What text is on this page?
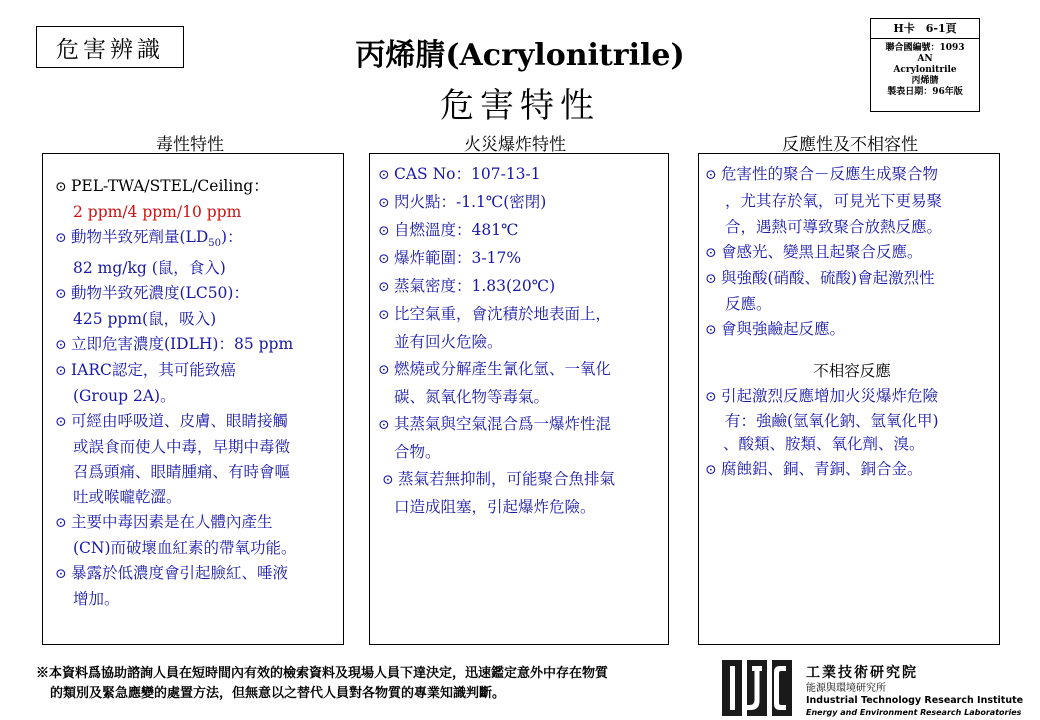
危害辨識	丙烯腈(Acrylonitrile)
危害特性
H卡　6-1頁
聯合國編號：1093
AN
Acrylonitrile
丙烯腈
製表日期：96年版
毒性特性	火災爆炸特性	反應性及不相容性
⊙ PEL-TWA/STEL/Ceiling：
2 ppm/4 ppm/10 ppm
⊙ 動物半致死劑量$(LD_{50})$：
82 mg/kg (鼠，食入)
⊙ 動物半致死濃度(LC50)：
425 ppm(鼠，吸入)
⊙ 立即危害濃度(IDLH)：85 ppm
⊙ IARC認定，其可能致癌
(Group 2A)。
⊙ 可經由呼吸道、皮膚、眼睛接觸
或誤食而使人中毒，早期中毒徵
召爲頭痛、眼睛腫痛、有時會嘔
吐或喉嚨乾澀。
⊙ 主要中毒因素是在人體內產生
(CN)而破壞血紅素的帶氧功能。
⊙ 暴露於低濃度會引起臉紅、唾液
增加。
⊙ CAS No：107-13-1
⊙ 閃火點：-1.1℃(密閉)
⊙ 自燃溫度：481℃
⊙ 爆炸範圍：3-17%
⊙ 蒸氣密度：1.83(20℃)
⊙ 比空氣重，會沈積於地表面上，
並有回火危險。
⊙ 燃燒或分解產生氰化氫、一氧化
碳、氮氧化物等毒氣。
⊙ 其蒸氣與空氣混合爲一爆炸性混
合物。
⊙ 蒸氣若無抑制，可能聚合魚排氣
口造成阻塞，引起爆炸危險。
⊙ 危害性的聚合－反應生成聚合物
，尤其存於氧，可見光下更易聚
合，遇熱可導致聚合放熱反應。
⊙ 會感光、變黑且起聚合反應。
⊙ 與強酸(硝酸、硫酸)會起激烈性
反應。
⊙ 會與強鹼起反應。
不相容反應
⊙ 引起激烈反應增加火災爆炸危險
有：強鹼(氫氧化鈉、氫氧化甲)
、酸類、胺類、氧化劑、溴。
⊙ 腐蝕鋁、銅、青銅、銅合金。
※本資料爲協助諮詢人員在短時間內有效的檢索資料及現場人員下達決定，迅速鑑定意外中存在物質
的類別及緊急應變的處置方法，但無意以之替代人員對各物質的專業知識判斷。
工業技術研究院
能源與環境研究所
Industrial Technology Research Institute
Energy and Environment Research Laboratories
